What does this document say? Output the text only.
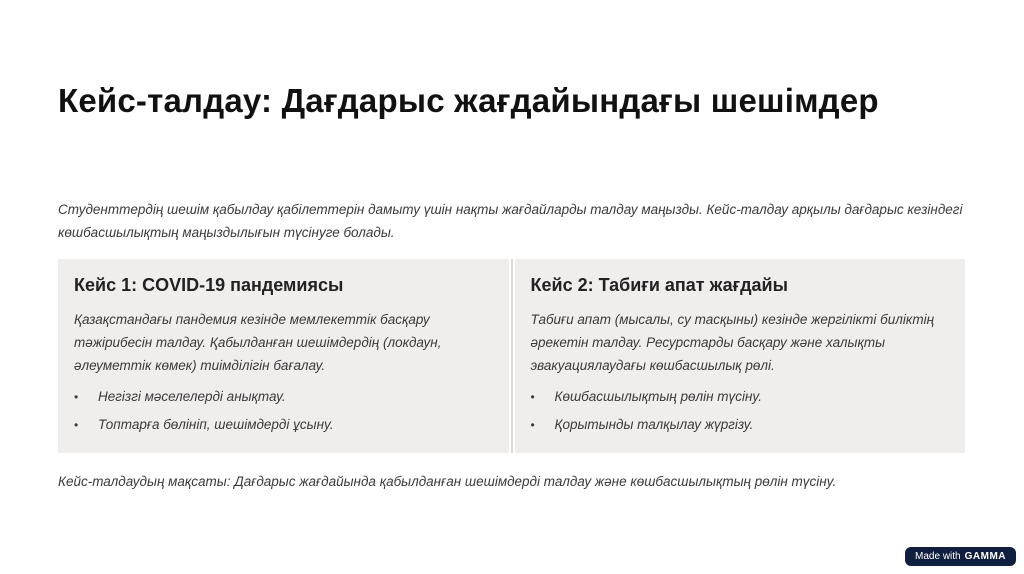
Кейс-талдау: Дағдарыс жағдайындағы шешімдер
Студенттердің шешім қабылдау қабілеттерін дамыту үшін нақты жағдайларды талдау маңызды. Кейс-талдау арқылы дағдарыс кезіндегі көшбасшылықтың маңыздылығын түсінуге болады.
Кейс 1: COVID-19 пандемиясы

Қазақстандағы пандемия кезінде мемлекеттік басқару тәжірибесін талдау. Қабылданған шешімдердің (локдаун, әлеуметтік көмек) тиімділігін бағалау.

• Негізгі мәселелерді анықтау.
• Топтарға бөлініп, шешімдерді ұсыну.
Кейс 2: Табиғи апат жағдайы

Табиғи апат (мысалы, су тасқыны) кезінде жергілікті биліктің әрекетін талдау. Ресурстарды басқару және халықты эвакуациялаудағы көшбасшылық рөлі.

• Көшбасшылықтың рөлін түсіну.
• Қорытынды талқылау жүргізу.
Кейс-талдаудың мақсаты: Дағдарыс жағдайында қабылданған шешімдерді талдау және көшбасшылықтың рөлін түсіну.
Made with GAMMA
